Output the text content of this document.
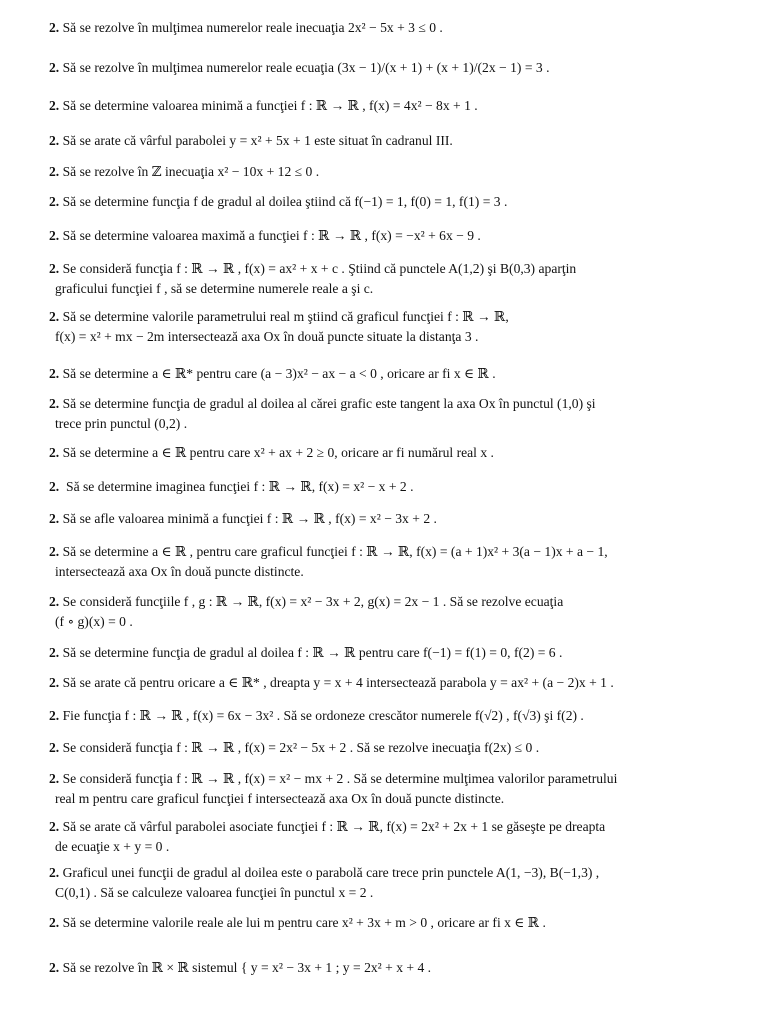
2. Să se rezolve în mulţimea numerelor reale inecuaţia 2x² − 5x + 3 ≤ 0 .
2. Să se rezolve în mulţimea numerelor reale ecuaţia (3x − 1)/(x + 1) + (x + 1)/(2x − 1) = 3 .
2. Să se determine valoarea minimă a funcţiei f : ℝ → ℝ , f(x) = 4x² − 8x + 1 .
2. Să se arate că vârful parabolei y = x² + 5x + 1 este situat în cadranul III.
2. Să se rezolve în ℤ inecuaţia x² − 10x + 12 ≤ 0 .
2. Să se determine funcţia f de gradul al doilea ştiind că f(−1) = 1, f(0) = 1, f(1) = 3 .
2. Să se determine valoarea maximă a funcţiei f : ℝ → ℝ , f(x) = −x² + 6x − 9 .
2. Se consideră funcţia f : ℝ → ℝ , f(x) = ax² + x + c . Ştiind că punctele A(1,2) şi B(0,3) aparţin
graficului funcţiei f , să se determine numerele reale a şi c.
2. Să se determine valorile parametrului real m ştiind că graficul funcţiei f : ℝ → ℝ,
f(x) = x² + mx − 2m intersectează axa Ox în două puncte situate la distanţa 3 .
2. Să se determine a ∈ ℝ* pentru care (a − 3)x² − ax − a < 0 , oricare ar fi x ∈ ℝ .
2. Să se determine funcţia de gradul al doilea al cărei grafic este tangent la axa Ox în punctul (1,0) şi
trece prin punctul (0,2) .
2. Să se determine a ∈ ℝ pentru care x² + ax + 2 ≥ 0, oricare ar fi numărul real x .
2.  Să se determine imaginea funcţiei f : ℝ → ℝ, f(x) = x² − x + 2 .
2. Să se afle valoarea minimă a funcţiei f : ℝ → ℝ , f(x) = x² − 3x + 2 .
2. Să se determine a ∈ ℝ , pentru care graficul funcţiei f : ℝ → ℝ, f(x) = (a + 1)x² + 3(a − 1)x + a − 1,
intersectează axa Ox în două puncte distincte.
2. Se consideră funcţiile f , g : ℝ → ℝ, f(x) = x² − 3x + 2, g(x) = 2x − 1 . Să se rezolve ecuaţia
(f ∘ g)(x) = 0 .
2. Să se determine funcţia de gradul al doilea f : ℝ → ℝ pentru care f(−1) = f(1) = 0, f(2) = 6 .
2. Să se arate că pentru oricare a ∈ ℝ* , dreapta y = x + 4 intersectează parabola y = ax² + (a − 2)x + 1 .
2. Fie funcţia f : ℝ → ℝ , f(x) = 6x − 3x² . Să se ordoneze crescător numerele f(√2) , f(√3) şi f(2) .
2. Se consideră funcţia f : ℝ → ℝ , f(x) = 2x² − 5x + 2 . Să se rezolve inecuaţia f(2x) ≤ 0 .
2. Se consideră funcţia f : ℝ → ℝ , f(x) = x² − mx + 2 . Să se determine mulţimea valorilor parametrului
real m pentru care graficul funcţiei f intersectează axa Ox în două puncte distincte.
2. Să se arate că vârful parabolei asociate funcţiei f : ℝ → ℝ, f(x) = 2x² + 2x + 1 se găseşte pe dreapta
de ecuaţie x + y = 0 .
2. Graficul unei funcţii de gradul al doilea este o parabolă care trece prin punctele A(1, −3), B(−1,3) ,
C(0,1) . Să se calculeze valoarea funcţiei în punctul x = 2 .
2. Să se determine valorile reale ale lui m pentru care x² + 3x + m > 0 , oricare ar fi x ∈ ℝ .
2. Să se rezolve în ℝ × ℝ sistemul { y = x² − 3x + 1 ; y = 2x² + x + 4 .
